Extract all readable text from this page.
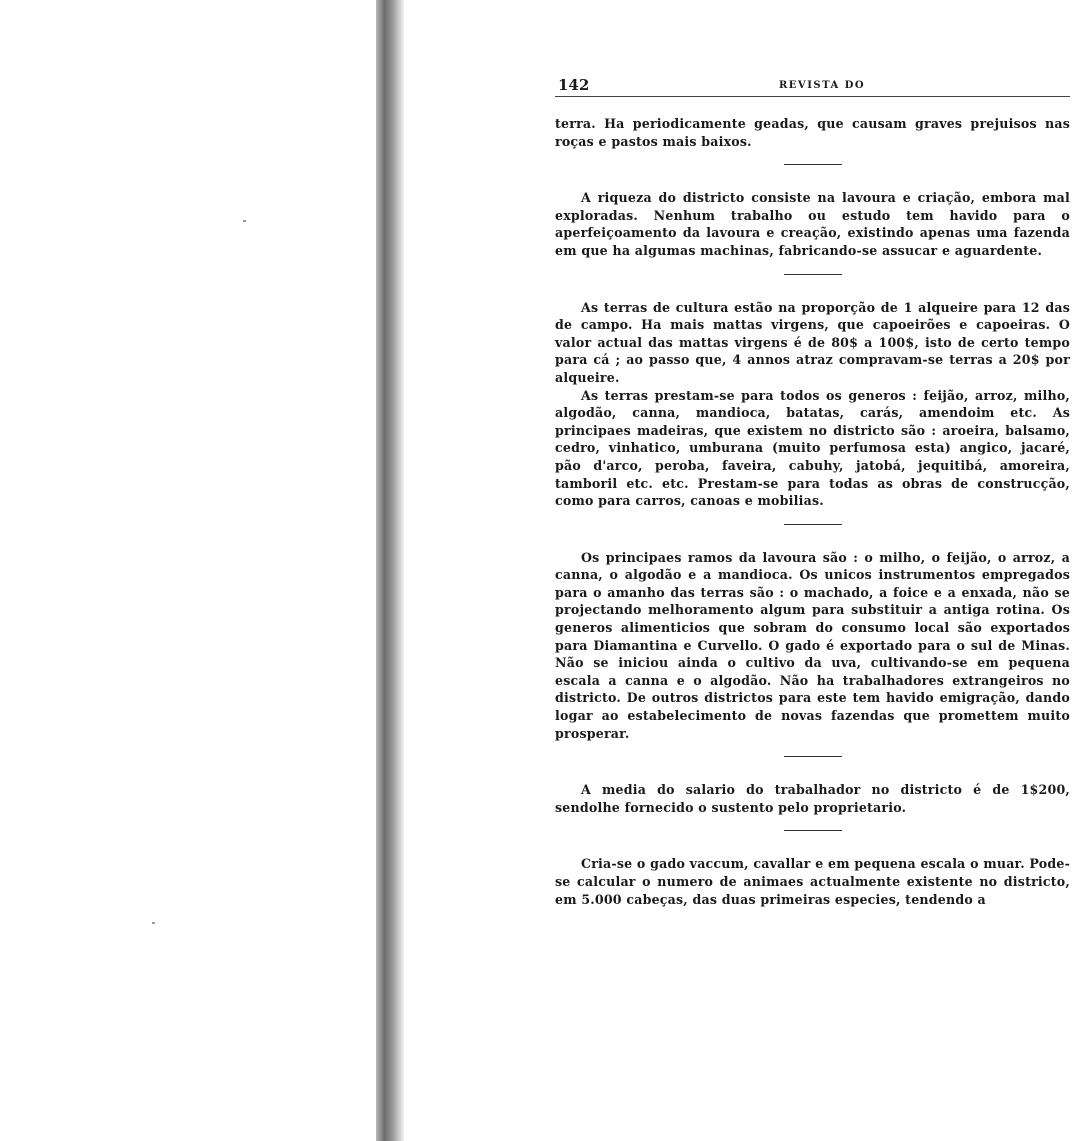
142	REVISTA DO

terra. Ha periodicamente geadas, que causam graves prejuisos nas roças e pastos mais baixos.

A riqueza do districto consiste na lavoura e criação, embora mal exploradas. Nenhum trabalho ou estudo tem havido para o aperfeiçoamento da lavoura e creação, existindo apenas uma fazenda em que ha algumas machinas, fabricando-se assucar e aguardente.

As terras de cultura estão na proporção de 1 alqueire para 12 das de campo. Ha mais mattas virgens, que capoeirões e capoeiras. O valor actual das mattas virgens é de 80$ a 100$, isto de certo tempo para cá ; ao passo que, 4 annos atraz compravam-se terras a 20$ por alqueire.

As terras prestam-se para todos os generos : feijão, arroz, milho, algodão, canna, mandioca, batatas, carás, amendoim etc. As principaes madeiras, que existem no districto são : aroeira, balsamo, cedro, vinhatico, umburana (muito perfumosa esta) angico, jacaré, pão d'arco, peroba, faveira, cabuhy, jatobá, jequitibá, amoreira, tamboril etc. etc. Prestam-se para todas as obras de construcção, como para carros, canoas e mobilias.

Os principaes ramos da lavoura são : o milho, o feijão, o arroz, a canna, o algodão e a mandioca. Os unicos instrumentos empregados para o amanho das terras são : o machado, a foice e a enxada, não se projectando melhoramento algum para substituir a antiga rotina. Os generos alimenticios que sobram do consumo local são exportados para Diamantina e Curvello. O gado é exportado para o sul de Minas. Não se iniciou ainda o cultivo da uva, cultivando-se em pequena escala a canna e o algodão. Não ha trabalhadores extrangeiros no districto. De outros districtos para este tem havido emigração, dando logar ao estabelecimento de novas fazendas que promettem muito prosperar.

A media do salario do trabalhador no districto é de 1$200, sendolhe fornecido o sustento pelo proprietario.

Cria-se o gado vaccum, cavallar e em pequena escala o muar. Pode-se calcular o numero de animaes actualmente existente no districto, em 5.000 cabeças, das duas primeiras especies, tendendo a
